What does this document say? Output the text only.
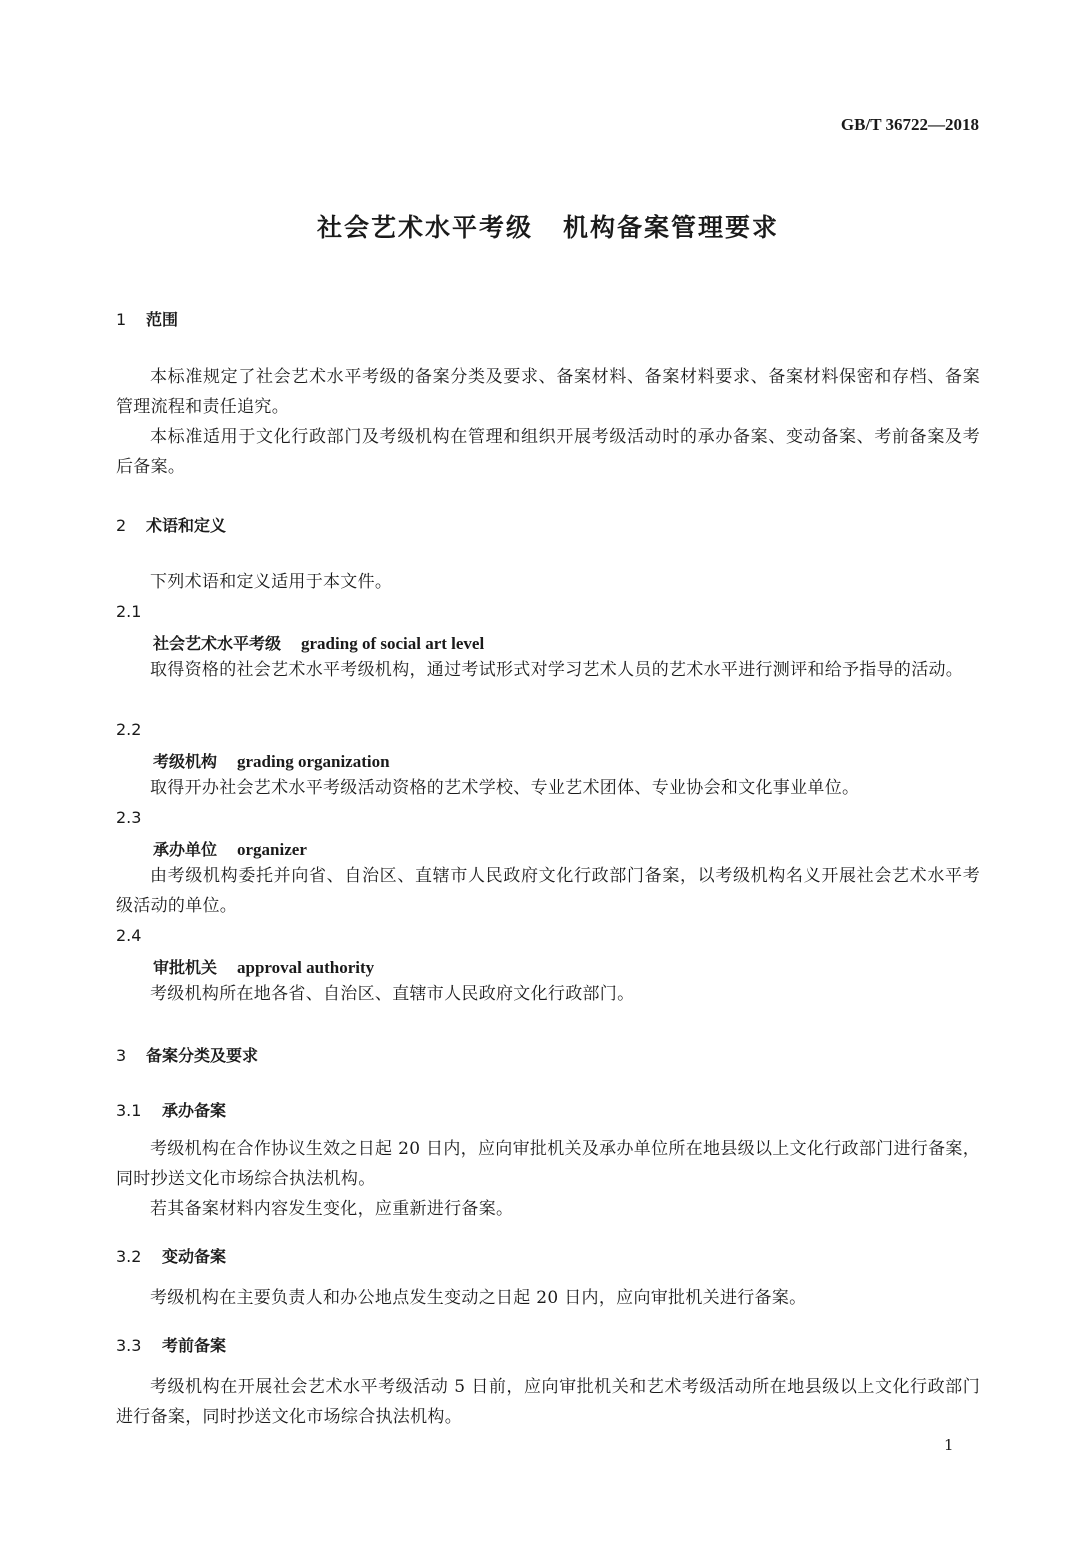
GB/T 36722—2018
社会艺术水平考级 机构备案管理要求
1 范围
本标准规定了社会艺术水平考级的备案分类及要求、备案材料、备案材料要求、备案材料保密和存档、备案管理流程和责任追究。
本标准适用于文化行政部门及考级机构在管理和组织开展考级活动时的承办备案、变动备案、考前备案及考后备案。
2 术语和定义
下列术语和定义适用于本文件。
2.1
社会艺术水平考级 grading of social art level
取得资格的社会艺术水平考级机构，通过考试形式对学习艺术人员的艺术水平进行测评和给予指导的活动。
2.2
考级机构 grading organization
取得开办社会艺术水平考级活动资格的艺术学校、专业艺术团体、专业协会和文化事业单位。
2.3
承办单位 organizer
由考级机构委托并向省、自治区、直辖市人民政府文化行政部门备案，以考级机构名义开展社会艺术水平考级活动的单位。
2.4
审批机关 approval authority
考级机构所在地各省、自治区、直辖市人民政府文化行政部门。
3 备案分类及要求
3.1 承办备案
考级机构在合作协议生效之日起 20 日内，应向审批机关及承办单位所在地县级以上文化行政部门进行备案，同时抄送文化市场综合执法机构。
若其备案材料内容发生变化，应重新进行备案。
3.2 变动备案
考级机构在主要负责人和办公地点发生变动之日起 20 日内，应向审批机关进行备案。
3.3 考前备案
考级机构在开展社会艺术水平考级活动 5 日前，应向审批机关和艺术考级活动所在地县级以上文化行政部门进行备案，同时抄送文化市场综合执法机构。
1
